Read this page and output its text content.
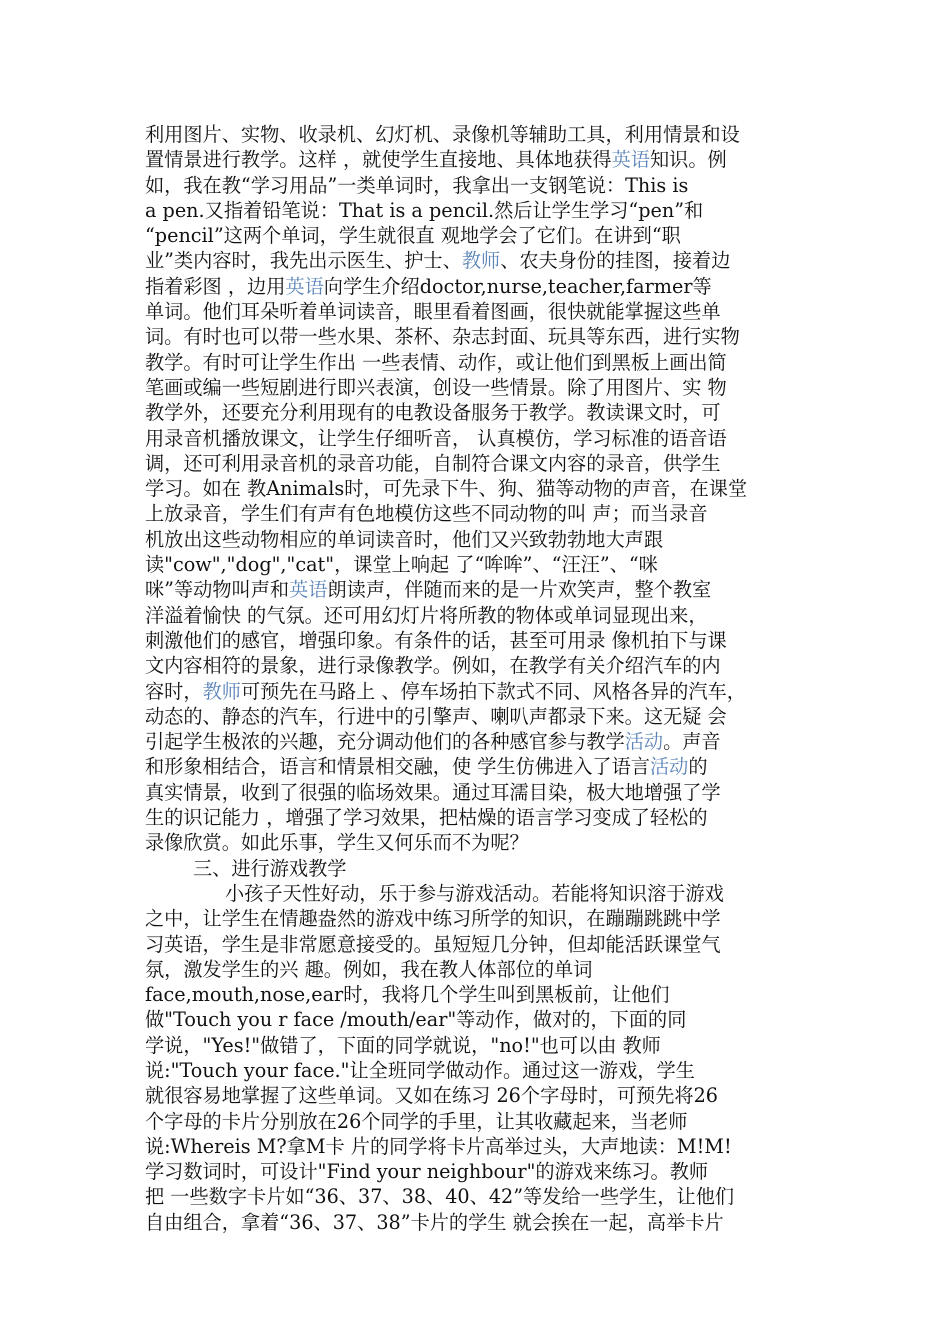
利用图片、实物、收录机、幻灯机、录像机等辅助工具，利用情景和设
置情景进行教学。这样 ，就使学生直接地、具体地获得英语知识。例
如，我在教“学习用品”一类单词时，我拿出一支钢笔说：This is
a pen.又指着铅笔说：That is a pencil.然后让学生学习“pen”和
“pencil”这两个单词，学生就很直 观地学会了它们。在讲到“职
业”类内容时，我先出示医生、护士、教师、农夫身份的挂图，接着边
指着彩图 ，边用英语向学生介绍doctor,nurse,teacher,farmer等
单词。他们耳朵听着单词读音，眼里看着图画，很快就能掌握这些单
词。有时也可以带一些水果、茶杯、杂志封面、玩具等东西，进行实物
教学。有时可让学生作出 一些表情、动作，或让他们到黑板上画出简
笔画或编一些短剧进行即兴表演，创设一些情景。除了用图片、实 物
教学外，还要充分利用现有的电教设备服务于教学。教读课文时，可
用录音机播放课文，让学生仔细听音， 认真模仿，学习标准的语音语
调，还可利用录音机的录音功能，自制符合课文内容的录音，供学生
学习。如在 教Animals时，可先录下牛、狗、猫等动物的声音，在课堂
上放录音，学生们有声有色地模仿这些不同动物的叫 声；而当录音
机放出这些动物相应的单词读音时，他们又兴致勃勃地大声跟
读"cow","dog","cat"，课堂上响起 了“哞哞”、“汪汪”、“咪
咪”等动物叫声和英语朗读声，伴随而来的是一片欢笑声，整个教室
洋溢着愉快 的气氛。还可用幻灯片将所教的物体或单词显现出来，
刺激他们的感官，增强印象。有条件的话，甚至可用录 像机拍下与课
文内容相符的景象，进行录像教学。例如，在教学有关介绍汽车的内
容时，教师可预先在马路上 、停车场拍下款式不同、风格各异的汽车，
动态的、静态的汽车，行进中的引擎声、喇叭声都录下来。这无疑 会
引起学生极浓的兴趣，充分调动他们的各种感官参与教学活动。声音
和形象相结合，语言和情景相交融，使 学生仿佛进入了语言活动的
真实情景，收到了很强的临场效果。通过耳濡目染，极大地增强了学
生的识记能力 ，增强了学习效果，把枯燥的语言学习变成了轻松的
录像欣赏。如此乐事，学生又何乐而不为呢？
三、进行游戏教学
小孩子天性好动，乐于参与游戏活动。若能将知识溶于游戏
之中，让学生在情趣盎然的游戏中练习所学的知识，在蹦蹦跳跳中学
习英语，学生是非常愿意接受的。虽短短几分钟，但却能活跃课堂气
氛，激发学生的兴 趣。例如，我在教人体部位的单词
face,mouth,nose,ear时，我将几个学生叫到黑板前，让他们
做"Touch you r face /mouth/ear"等动作，做对的，下面的同
学说，"Yes!"做错了，下面的同学就说，"no!"也可以由 教师
说:"Touch your face."让全班同学做动作。通过这一游戏，学生
就很容易地掌握了这些单词。又如在练习 26个字母时，可预先将26
个字母的卡片分别放在26个同学的手里，让其收藏起来，当老师
说:Whereis M?拿M卡 片的同学将卡片高举过头，大声地读：M!M!
学习数词时，可设计"Find your neighbour"的游戏来练习。教师
把 一些数字卡片如“36、37、38、40、42”等发给一些学生，让他们
自由组合，拿着“36、37、38”卡片的学生 就会挨在一起，高举卡片
